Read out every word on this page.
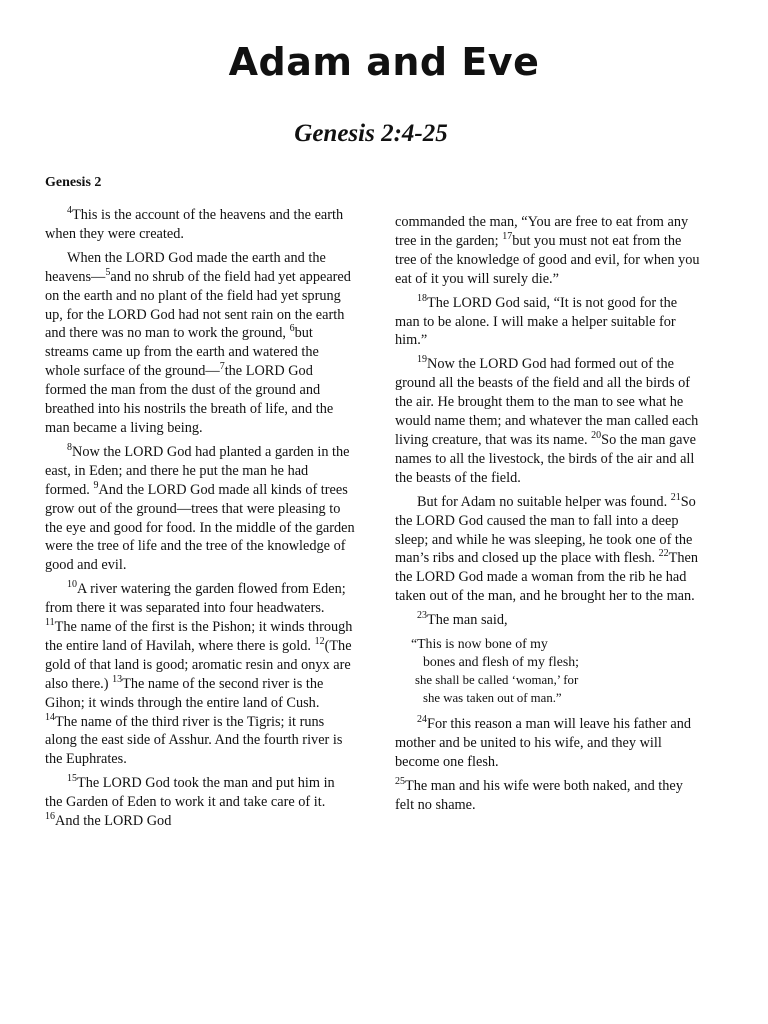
Adam and Eve
Genesis 2:4-25
Genesis 2

$^4$This is the account of the heavens and the earth when they were created.

When the LORD God made the earth and the heavens—$^5$and no shrub of the field had yet appeared on the earth and no plant of the field had yet sprung up, for the LORD God had not sent rain on the earth and there was no man to work the ground, $^6$but streams came up from the earth and watered the whole surface of the ground—$^7$the LORD God formed the man from the dust of the ground and breathed into his nostrils the breath of life, and the man became a living being.

$^8$Now the LORD God had planted a garden in the east, in Eden; and there he put the man he had formed. $^9$And the LORD God made all kinds of trees grow out of the ground—trees that were pleasing to the eye and good for food. In the middle of the garden were the tree of life and the tree of the knowledge of good and evil.

$^{10}$A river watering the garden flowed from Eden; from there it was separated into four headwaters. $^{11}$The name of the first is the Pishon; it winds through the entire land of Havilah, where there is gold. $^{12}$(The gold of that land is good; aromatic resin and onyx are also there.) $^{13}$The name of the second river is the Gihon; it winds through the entire land of Cush. $^{14}$The name of the third river is the Tigris; it runs along the east side of Asshur. And the fourth river is the Euphrates.

$^{15}$The LORD God took the man and put him in the Garden of Eden to work it and take care of it. $^{16}$And the LORD God

commanded the man, “You are free to eat from any tree in the garden; $^{17}$but you must not eat from the tree of the knowledge of good and evil, for when you eat of it you will surely die.”

$^{18}$The LORD God said, “It is not good for the man to be alone. I will make a helper suitable for him.”

$^{19}$Now the LORD God had formed out of the ground all the beasts of the field and all the birds of the air. He brought them to the man to see what he would name them; and whatever the man called each living creature, that was its name. $^{20}$So the man gave names to all the livestock, the birds of the air and all the beasts of the field.

But for Adam no suitable helper was found. $^{21}$So the LORD God caused the man to fall into a deep sleep; and while he was sleeping, he took one of the man’s ribs and closed up the place with flesh. $^{22}$Then the LORD God made a woman from the rib he had taken out of the man, and he brought her to the man.

$^{23}$The man said,

“This is now bone of my
bones and flesh of my flesh;
she shall be called ‘woman,’ for
she was taken out of man.”

$^{24}$For this reason a man will leave his father and mother and be united to his wife, and they will become one flesh.

$^{25}$The man and his wife were both naked, and they felt no shame.
